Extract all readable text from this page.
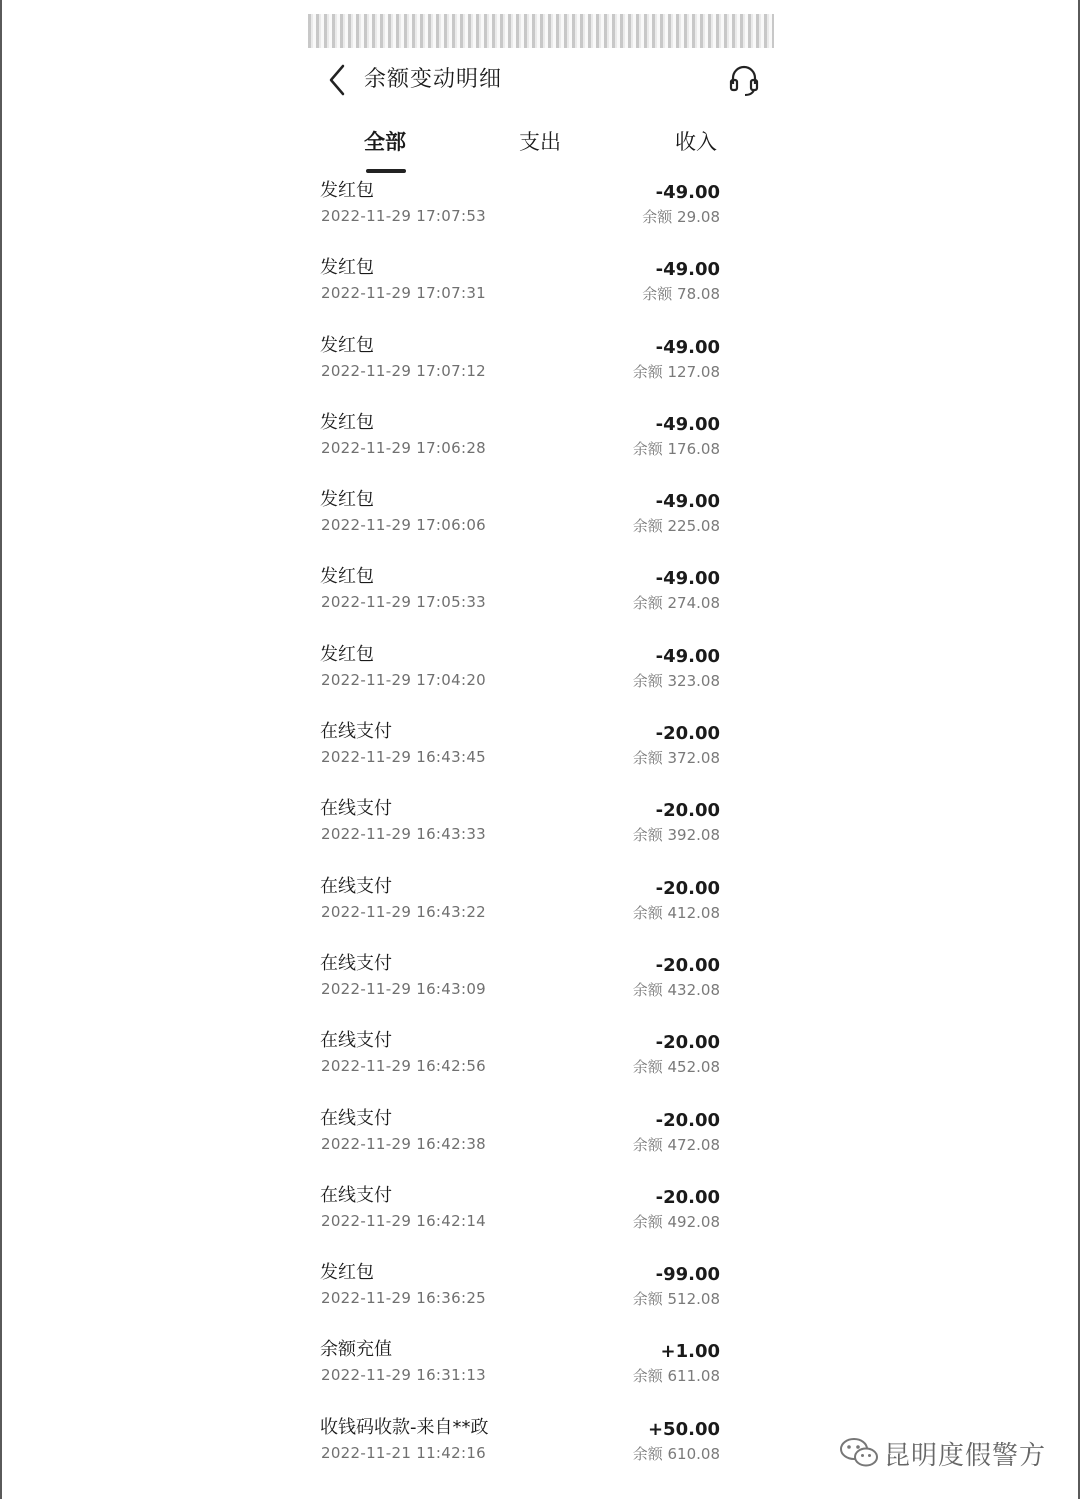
余额变动明细
全部	支出	收入
发红包
2022-11-29 17:07:53
-49.00
余额 29.08
发红包
2022-11-29 17:07:31
-49.00
余额 78.08
发红包
2022-11-29 17:07:12
-49.00
余额 127.08
发红包
2022-11-29 17:06:28
-49.00
余额 176.08
发红包
2022-11-29 17:06:06
-49.00
余额 225.08
发红包
2022-11-29 17:05:33
-49.00
余额 274.08
发红包
2022-11-29 17:04:20
-49.00
余额 323.08
在线支付
2022-11-29 16:43:45
-20.00
余额 372.08
在线支付
2022-11-29 16:43:33
-20.00
余额 392.08
在线支付
2022-11-29 16:43:22
-20.00
余额 412.08
在线支付
2022-11-29 16:43:09
-20.00
余额 432.08
在线支付
2022-11-29 16:42:56
-20.00
余额 452.08
在线支付
2022-11-29 16:42:38
-20.00
余额 472.08
在线支付
2022-11-29 16:42:14
-20.00
余额 492.08
发红包
2022-11-29 16:36:25
-99.00
余额 512.08
余额充值
2022-11-29 16:31:13
+1.00
余额 611.08
收钱码收款-来自**政
2022-11-21 11:42:16
+50.00
余额 610.08	昆明度假警方
